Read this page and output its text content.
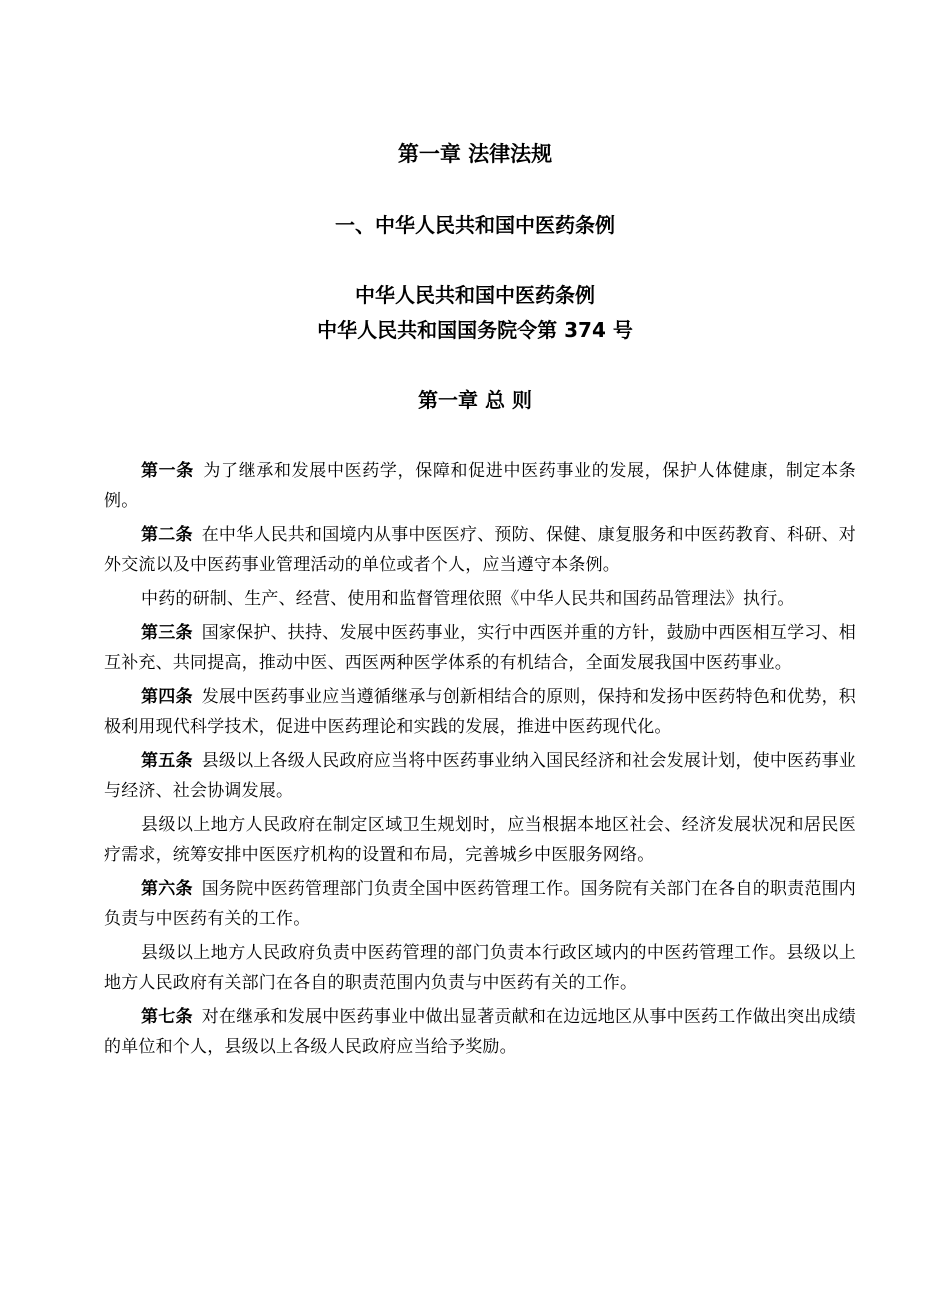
第一章 法律法规
一、中华人民共和国中医药条例
中华人民共和国中医药条例
中华人民共和国国务院令第 374 号
第一章 总 则

第一条 为了继承和发展中医药学，保障和促进中医药事业的发展，保护人体健康，制定本条例。

第二条 在中华人民共和国境内从事中医医疗、预防、保健、康复服务和中医药教育、科研、对外交流以及中医药事业管理活动的单位或者个人，应当遵守本条例。

中药的研制、生产、经营、使用和监督管理依照《中华人民共和国药品管理法》执行。

第三条 国家保护、扶持、发展中医药事业，实行中西医并重的方针，鼓励中西医相互学习、相互补充、共同提高，推动中医、西医两种医学体系的有机结合，全面发展我国中医药事业。

第四条 发展中医药事业应当遵循继承与创新相结合的原则，保持和发扬中医药特色和优势，积极利用现代科学技术，促进中医药理论和实践的发展，推进中医药现代化。

第五条 县级以上各级人民政府应当将中医药事业纳入国民经济和社会发展计划，使中医药事业与经济、社会协调发展。

县级以上地方人民政府在制定区域卫生规划时，应当根据本地区社会、经济发展状况和居民医疗需求，统筹安排中医医疗机构的设置和布局，完善城乡中医服务网络。

第六条 国务院中医药管理部门负责全国中医药管理工作。国务院有关部门在各自的职责范围内负责与中医药有关的工作。

县级以上地方人民政府负责中医药管理的部门负责本行政区域内的中医药管理工作。县级以上地方人民政府有关部门在各自的职责范围内负责与中医药有关的工作。

第七条 对在继承和发展中医药事业中做出显著贡献和在边远地区从事中医药工作做出突出成绩的单位和个人，县级以上各级人民政府应当给予奖励。
